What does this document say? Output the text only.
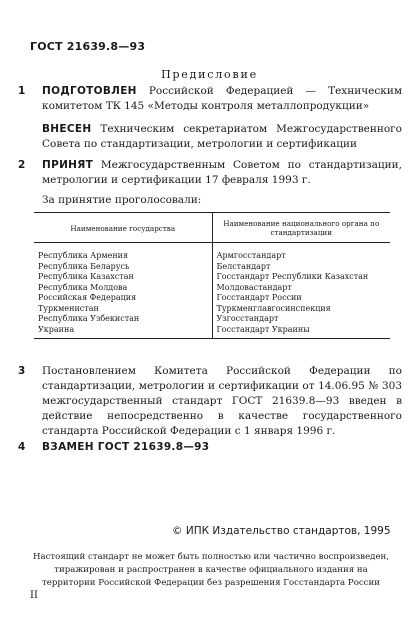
ГОСТ 21639.8—93
Предисловие
1 ПОДГОТОВЛЕН Российской Федерацией — Техническим комитетом ТК 145 «Методы контроля металлопродукции»
ВНЕСЕН Техническим секретариатом Межгосударственного Совета по стандартизации, метрологии и сертификации
2 ПРИНЯТ Межгосударственным Советом по стандартизации, метрологии и сертификации 17 февраля 1993 г.
За принятие проголосовали:
Наименование государства	Наименование национального органа по стандартизации
Республика Армения	Армгосстандарт
Республика Беларусь	Белстандарт
Республика Казахстан	Госстандарт Республики Казахстан
Республика Молдова	Молдовастандарт
Российская Федерация	Госстандарт России
Туркменистан	Туркменглавгосинспекция
Республика Узбекистан	Узгосстандарт
Украина	Госстандарт Украины
3 Постановлением Комитета Российской Федерации по стандартизации, метрологии и сертификации от 14.06.95 № 303 межгосударственный стандарт ГОСТ 21639.8—93 введен в действие непосредственно в качестве государственного стандарта Российской Федерации с 1 января 1996 г.
4 ВЗАМЕН ГОСТ 21639.8—93
© ИПК Издательство стандартов, 1995
Настоящий стандарт не может быть полностью или частично воспроизведен, тиражирован и распространен в качестве официального издания на территории Российской Федерации без разрешения Госстандарта России
II
